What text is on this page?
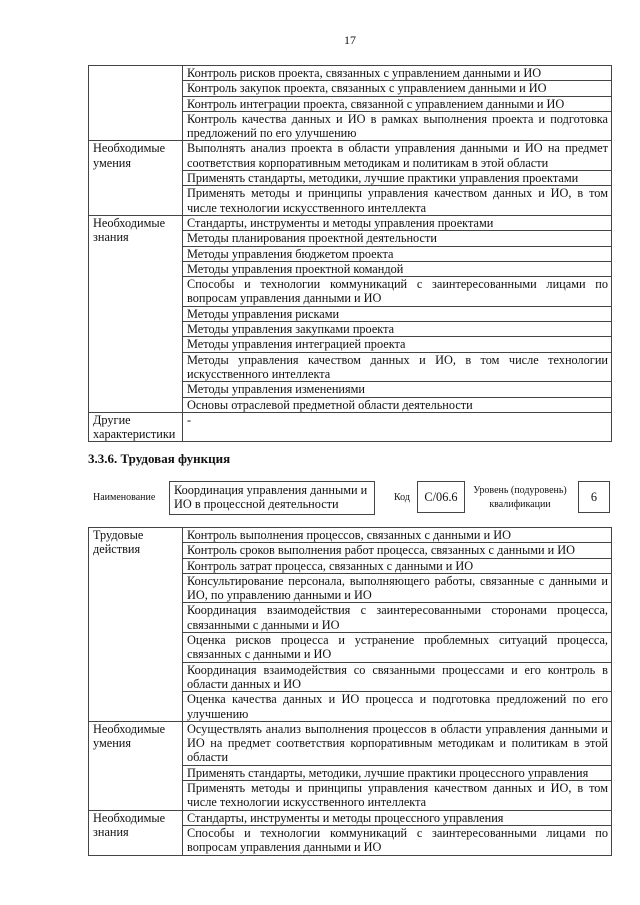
17
	Контроль рисков проекта, связанных с управлением данными и ИО
	Контроль закупок проекта, связанных с управлением данными и ИО
	Контроль интеграции проекта, связанной с управлением данными и ИО
	Контроль качества данных и ИО в рамках выполнения проекта и подготовка предложений по его улучшению
Необходимые умения	Выполнять анализ проекта в области управления данными и ИО на предмет соответствия корпоративным методикам и политикам в этой области
	Применять стандарты, методики, лучшие практики управления проектами
	Применять методы и принципы управления качеством данных и ИО, в том числе технологии искусственного интеллекта
Необходимые знания	Стандарты, инструменты и методы управления проектами
	Методы планирования проектной деятельности
	Методы управления бюджетом проекта
	Методы управления проектной командой
	Способы и технологии коммуникаций с заинтересованными лицами по вопросам управления данными и ИО
	Методы управления рисками
	Методы управления закупками проекта
	Методы управления интеграцией проекта
	Методы управления качеством данных и ИО, в том числе технологии искусственного интеллекта
	Методы управления изменениями
	Основы отраслевой предметной области деятельности
Другие характеристики	-
3.3.6. Трудовая функция
Наименование
Координация управления данными и ИО в процессной деятельности	Код	C/06.6	Уровень (подуровень) квалификации
6
Трудовые действия	Контроль выполнения процессов, связанных с данными и ИО
	Контроль сроков выполнения работ процесса, связанных с данными и ИО
	Контроль затрат процесса, связанных с данными и ИО
	Консультирование персонала, выполняющего работы, связанные с данными и ИО, по управлению данными и ИО
	Координация взаимодействия с заинтересованными сторонами процесса, связанными с данными и ИО
	Оценка рисков процесса и устранение проблемных ситуаций процесса, связанных с данными и ИО
	Координация взаимодействия со связанными процессами и его контроль в области данных и ИО
	Оценка качества данных и ИО процесса и подготовка предложений по его улучшению
Необходимые умения	Осуществлять анализ выполнения процессов в области управления данными и ИО на предмет соответствия корпоративным методикам и политикам в этой области
	Применять стандарты, методики, лучшие практики процессного управления
	Применять методы и принципы управления качеством данных и ИО, в том числе технологии искусственного интеллекта
Необходимые знания	Стандарты, инструменты и методы процессного управления
	Способы и технологии коммуникаций с заинтересованными лицами по вопросам управления данными и ИО
